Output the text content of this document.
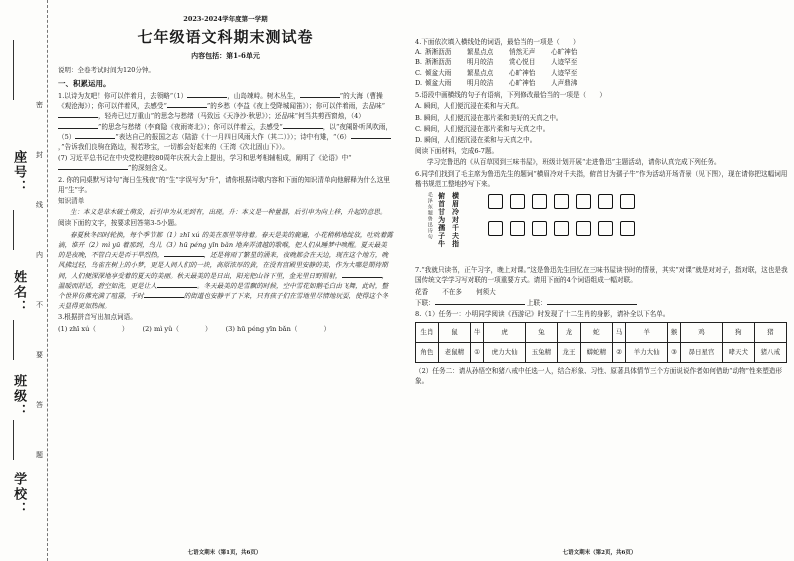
座号：
姓名：
班级：
学校：
密
封
线
内
不
要
答
题
2023-2024学年度第一学期
七年级语文科期末测试卷
内容包括：第1-6单元
说明：全卷考试时间为120分钟。
一、积累运用。

1.以诗为友吧！你可以伴着月，去领略“（1）	，山岛竦峙。树木丛生，	”的大海（曹操《观沧海》）；你可以伴着风，去感受“	”的乡愁（李益《夜上受降城闻笛》）；你可以伴着雨，去品味“，轻舟已过万重山”的思念与愁绪（马致远《天净沙·秋思》）；还品味“何当共剪西窗烛，（4）”的思念与愁绪（李商隐《夜雨寄北》）；你可以伴着云，去感受“	，以“夜阑卧听风吹雨，（5）	”表达自己的报国之志（陆游《十一月四日风雨大作（其二）》）；诗中有雉，“（6），”告诉我们良驹在路边，视若珍宝，一切都会好起来的（王湾《次北固山下》）。

(7) 习近平总书记在中央党校建校80周年庆祝大会上提出，学习和思考相辅相成，阐明了《论语》中“”的深刻含义。

2. 你的同桌默写诗句“海日生残夜”的“生”字误写为“升”，请你根据诗歌内容和下面的知识清单向他解释为什么这里用“生”字。

知识清单

生：本义是草木破土萌发，后引申为从无到有，出现。升：本义是一种量器，后引申为向上移，升起的意思。

阅读下面的文字，按要求回答第3-5小题。

春夏秋冬四时轮换，每个季节都（1）zhī xú 的美在那里等待着。春天是美的鹿遍，小花稍稍地绽放，吐吮着露滴，谁开（2）mì yū 着那到，鸟儿（3）hū péng yīn bǎn 地奔弄清越的歌喉，把人们从睡梦中唤醒。夏天最美的是夜晚，不管白天是否干旱烈热，	，还是将雨了繁星的涌来，夜晚都会在天边，现在这个地方，晚风拂过轻，鸟雀在树上的小梦，更是人间人们的一块，高原浓厚的黄，在没有宫殿里安静的美，作为大哪是期待期间，人们便深深地享受着的夏天的美丽。秋天最美的是日出，阳光把山谷下里，金光里日野照射，	，温暖而舒适，碧空如洗，更是让人	。冬天最美的是雪飘的时候，空中雪花如鹅毛白由飞舞，此时，整个世界仿佛充满了喧嚣，千时	的街道也安静平了下来，只有孩子们在雪地里尽情地玩耍，使得这个冬天显得更加热闹。

3.根据拼音写出加点词语。

(1) zhī xú（	） (2) mì yǔ（	） (3) hū péng yīn bǎn（	）

七语文期末（第1页，共6页）

4.下面依次填入横线处的词语，最恰当的一项是（　　）

A. 淅淅沥沥	繁星点点	悄然无声	心旷神怡
B. 淅淅沥沥	明月皎洁	赏心悦目	人迹罕至
C. 倾盆大雨	繁星点点	心旷神怡	人迹罕至
D. 倾盆大雨	明月皎洁	心旷神怡	人声鼎沸

5.语段中画横线的句子有语病，下列修改最恰当的一项是（　　）

A. 瞬间，人们便沉浸在柔和与天真。

B. 瞬间，人们便沉浸在那片柔和美好的天真之中。

C. 瞬间，人们便沉浸在那片柔和与天真之中。

D. 瞬间，人们便沉浸在柔和与天真之中。

阅读下面材料，完成6-7题。

学习完鲁迅的《从百草园到三味书屋》，班级计划开展“走进鲁迅”主题活动，请你认真完成下列任务。

6.同学们找到了毛主席为鲁迅先生的题词“横眉冷对千夫指，俯首甘为孺子牛”作为活动开场背景（见下图），现在请你把这幅词用楷书规范工整地抄写下来。

横眉冷对千夫指
俯首甘为孺子牛
毛泽东题鲁迅诗句

7.“我就只读书，正午习字，晚上对课。”这是鲁迅先生回忆在三味书屋读书时的情景，其实“对课”就是对对子，指对联，这也是我国传统文学学习写对联的一项重要方式。请用下面的4个词语组成一幅对联。

花香 不在多 何须大

下联：	上联：

8.（1）任务一：小明同学阅读《西游记》时发现了十二生肖的身影，请补全以下名单。

生肖	鼠	牛	虎	兔	龙	蛇	马	羊	猴	鸡	狗	猪
角色	老鼠精	①	虎力大仙	玉兔精	龙王	蟒蛇精	②	羊力大仙	③	昴日星官	哮天犬	猪八戒

（2）任务二：请从孙悟空和猪八戒中任选一人，结合形象、习性、原著具体情节三个方面说说作者如何借助“动物”性来塑造形象。

七语文期末（第2页，共6页）
